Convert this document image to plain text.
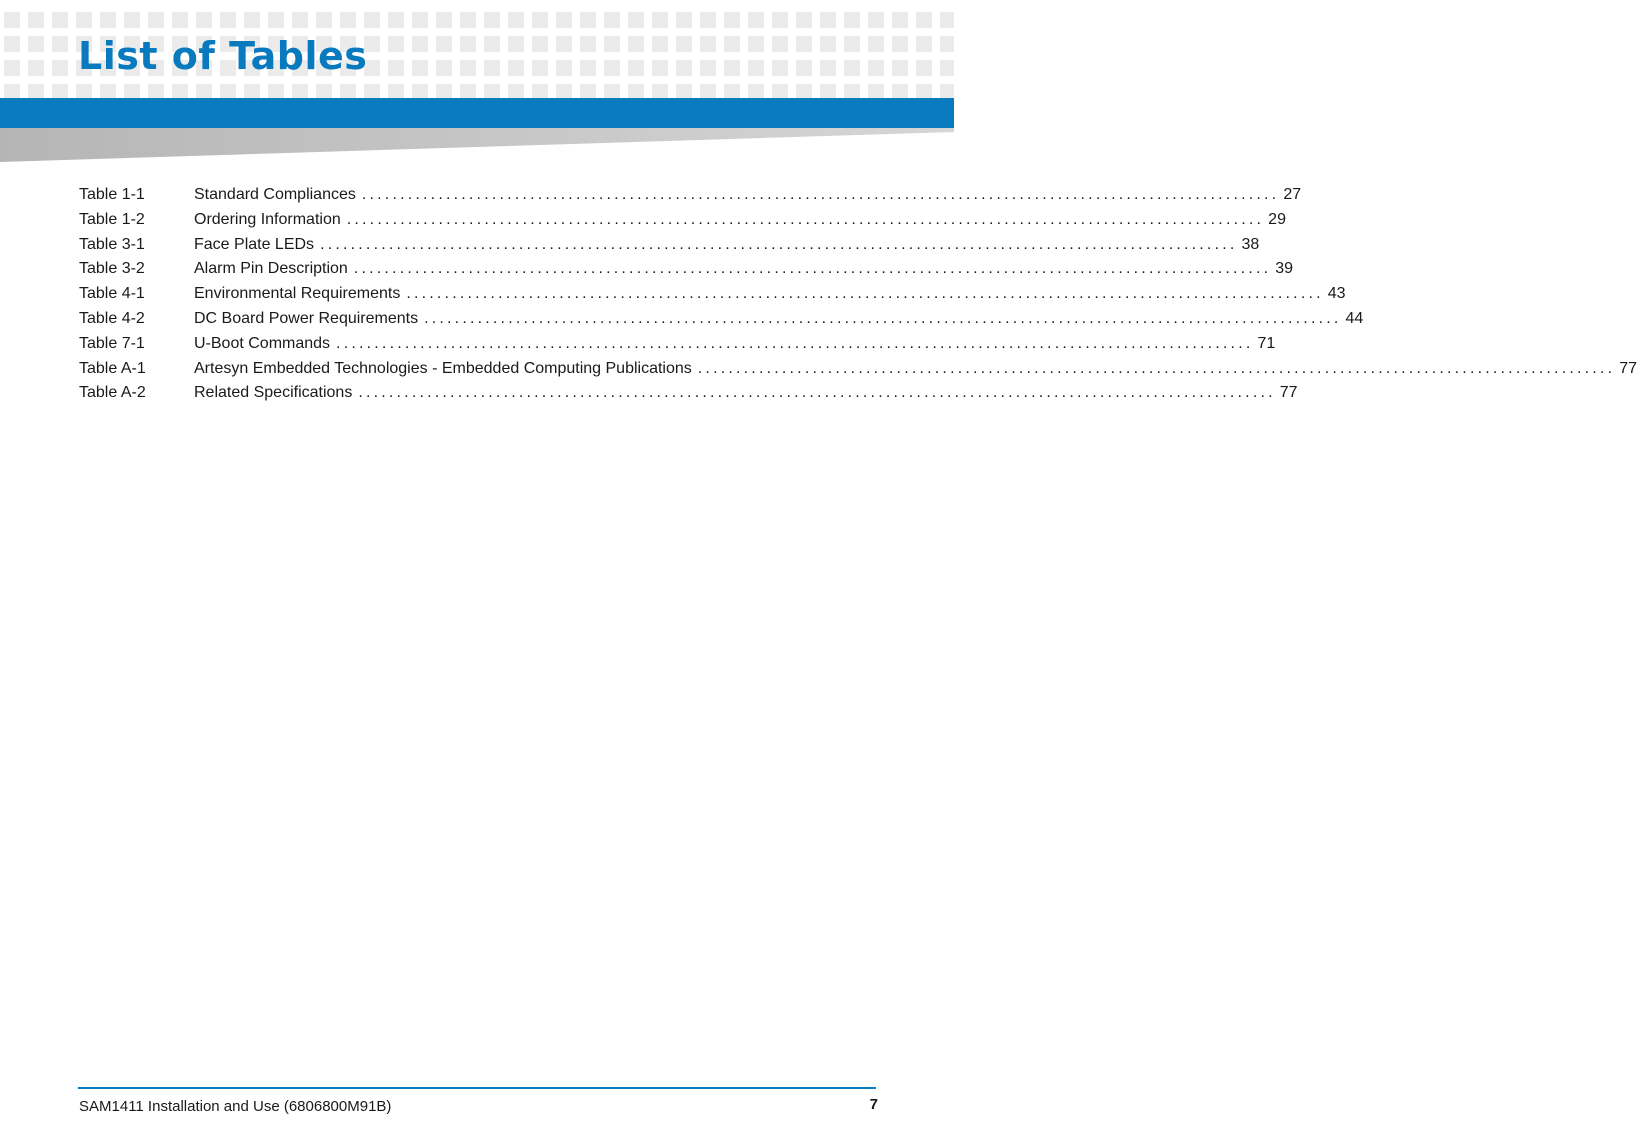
List of Tables
Table 1-1	Standard Compliances ........................................................................................................................ 27
Table 1-2	Ordering Information ........................................................................................................................ 29
Table 3-1	Face Plate LEDs ........................................................................................................................ 38
Table 3-2	Alarm Pin Description ........................................................................................................................ 39
Table 4-1	Environmental Requirements ........................................................................................................................ 43
Table 4-2	DC Board Power Requirements ........................................................................................................................ 44
Table 7-1	U-Boot Commands ........................................................................................................................ 71
Table A-1	Artesyn Embedded Technologies - Embedded Computing Publications ........................................................................................................................ 77
Table A-2	Related Specifications ........................................................................................................................ 77
SAM1411 Installation and Use (6806800M91B)	7
